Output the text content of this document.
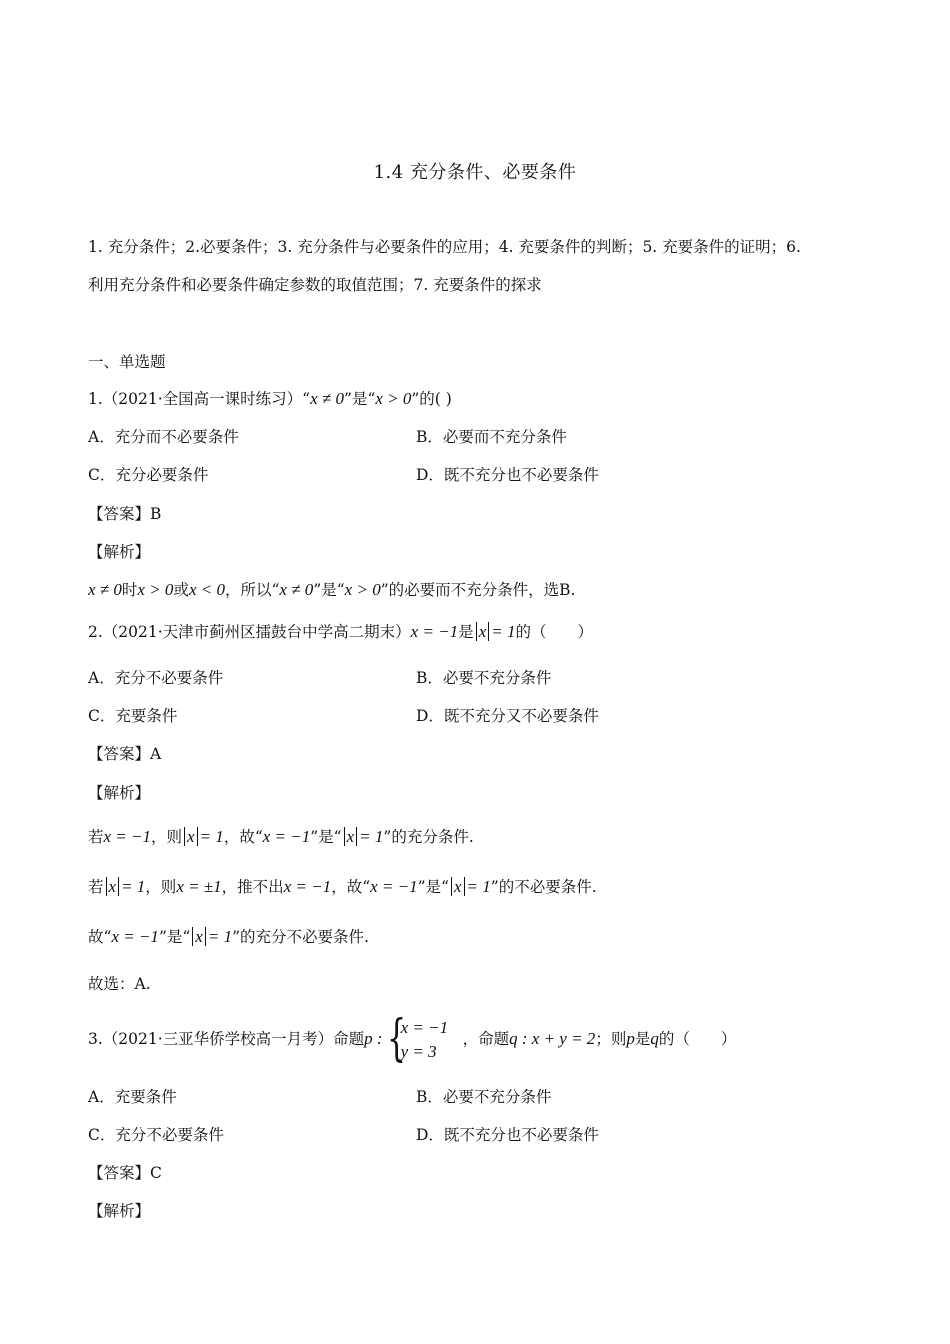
1.4 充分条件、必要条件
1. 充分条件；2.必要条件；3. 充分条件与必要条件的应用；4. 充要条件的判断；5. 充要条件的证明；6.
利用充分条件和必要条件确定参数的取值范围；7. 充要条件的探求
一、单选题
1.（2021·全国高一课时练习）“x ≠ 0”是“x > 0”的( )
A．充分而不必要条件	B．必要而不充分条件
C．充分必要条件	D．既不充分也不必要条件
【答案】B
【解析】
x ≠ 0时x > 0或x < 0，所以“x ≠ 0”是“x > 0”的必要而不充分条件，选B.
2.（2021·天津市蓟州区擂鼓台中学高二期末）x = −1是 x = 1的（　　）
A．充分不必要条件	B．必要不充分条件
C．充要条件	D．既不充分又不必要条件
【答案】A
【解析】
若x = −1，则 x = 1，故“x = −1”是“ x = 1”的充分条件.
若 x = 1，则x = ±1，推不出x = −1，故“x = −1”是“ x = 1”的不必要条件.
故“x = −1”是“ x = 1”的充分不必要条件.
故选：A.
3.（2021·三亚华侨学校高一月考）命题p : {
x = −1
y = 3
，命题q : x + y = 2；则p是q的（　　）
A．充要条件	B．必要不充分条件
C．充分不必要条件	D．既不充分也不必要条件
【答案】C
【解析】
